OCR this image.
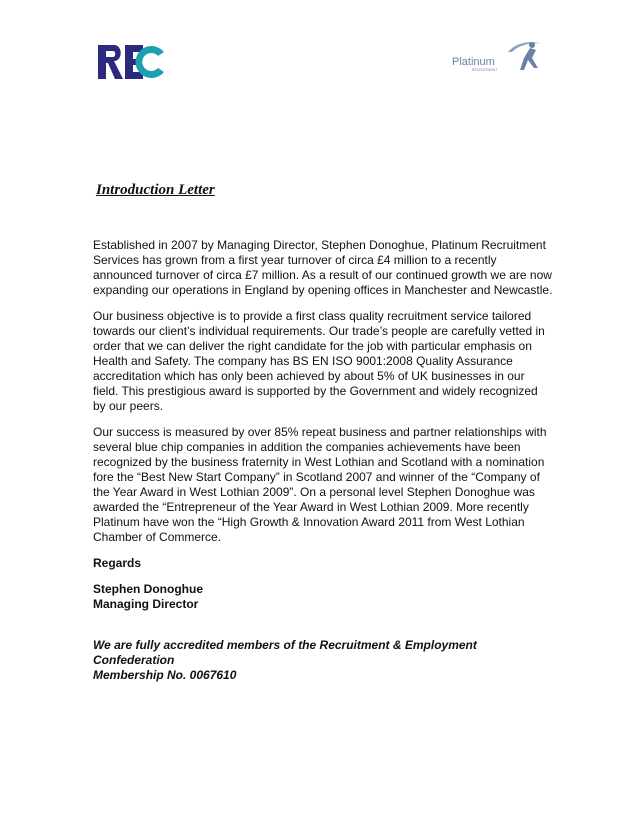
Platinum
RECRUITMENT
Introduction Letter

Established in 2007 by Managing Director, Stephen Donoghue, Platinum Recruitment Services has grown from a first year turnover of circa £4 million to a recently announced turnover of circa £7 million. As a result of our continued growth we are now expanding our operations in England by opening offices in Manchester and Newcastle.

Our business objective is to provide a first class quality recruitment service tailored towards our client’s individual requirements. Our trade’s people are carefully vetted in order that we can deliver the right candidate for the job with particular emphasis on Health and Safety. The company has BS EN ISO 9001:2008 Quality Assurance accreditation which has only been achieved by about 5% of UK businesses in our field. This prestigious award is supported by the Government and widely recognized by our peers.

Our success is measured by over 85% repeat business and partner relationships with several blue chip companies in addition the companies achievements have been recognized by the business fraternity in West Lothian and Scotland with a nomination fore the “Best New Start Company” in Scotland 2007 and winner of the “Company of the Year Award in West Lothian 2009”. On a personal level Stephen Donoghue was awarded the “Entrepreneur of the Year Award in West Lothian 2009. More recently Platinum have won the “High Growth & Innovation Award 2011 from West Lothian Chamber of Commerce.

Regards

Stephen Donoghue
Managing Director
We are fully accredited members of the Recruitment & Employment
Confederation
Membership No. 0067610
